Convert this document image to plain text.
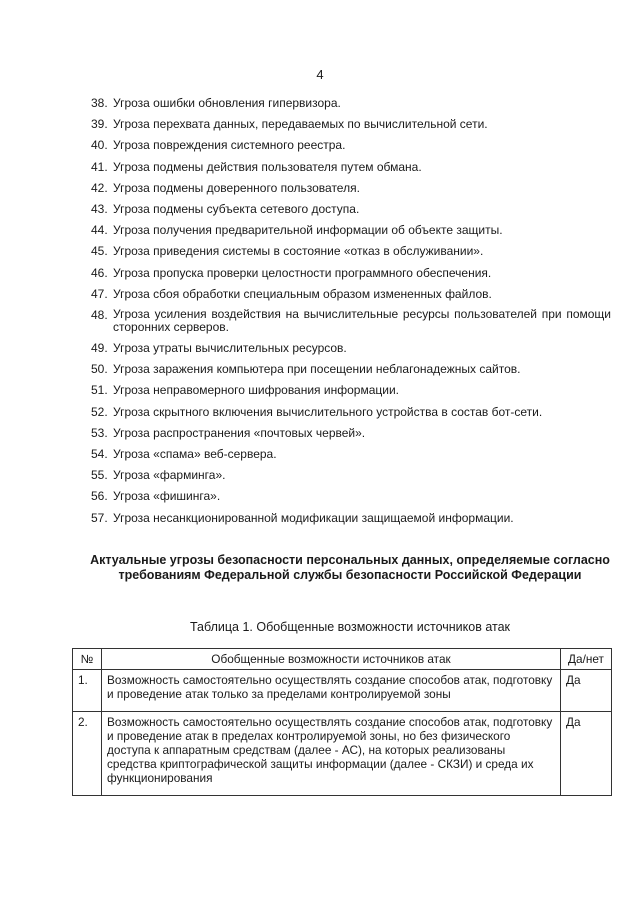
4
38. Угроза ошибки обновления гипервизора.
39. Угроза перехвата данных, передаваемых по вычислительной сети.
40. Угроза повреждения системного реестра.
41. Угроза подмены действия пользователя путем обмана.
42. Угроза подмены доверенного пользователя.
43. Угроза подмены субъекта сетевого доступа.
44. Угроза получения предварительной информации об объекте защиты.
45. Угроза приведения системы в состояние «отказ в обслуживании».
46. Угроза пропуска проверки целостности программного обеспечения.
47. Угроза сбоя обработки специальным образом измененных файлов.
48. Угроза усиления воздействия на вычислительные ресурсы пользователей при помощи сторонних серверов.
49. Угроза утраты вычислительных ресурсов.
50. Угроза заражения компьютера при посещении неблагонадежных сайтов.
51. Угроза неправомерного шифрования информации.
52. Угроза скрытного включения вычислительного устройства в состав бот-сети.
53. Угроза распространения «почтовых червей».
54. Угроза «спама» веб-сервера.
55. Угроза «фарминга».
56. Угроза «фишинга».
57. Угроза несанкционированной модификации защищаемой информации.
Актуальные угрозы безопасности персональных данных, определяемые согласно требованиям Федеральной службы безопасности Российской Федерации
Таблица 1. Обобщенные возможности источников атак
№	Обобщенные возможности источников атак	Да/нет
1.	Возможность самостоятельно осуществлять создание способов атак, подготовку и проведение атак только за пределами контролируемой зоны	Да
2.	Возможность самостоятельно осуществлять создание способов атак, подготовку и проведение атак в пределах контролируемой зоны, но без физического доступа к аппаратным средствам (далее - АС), на которых реализованы средства криптографической защиты информации (далее - СКЗИ) и среда их функционирования	Да
